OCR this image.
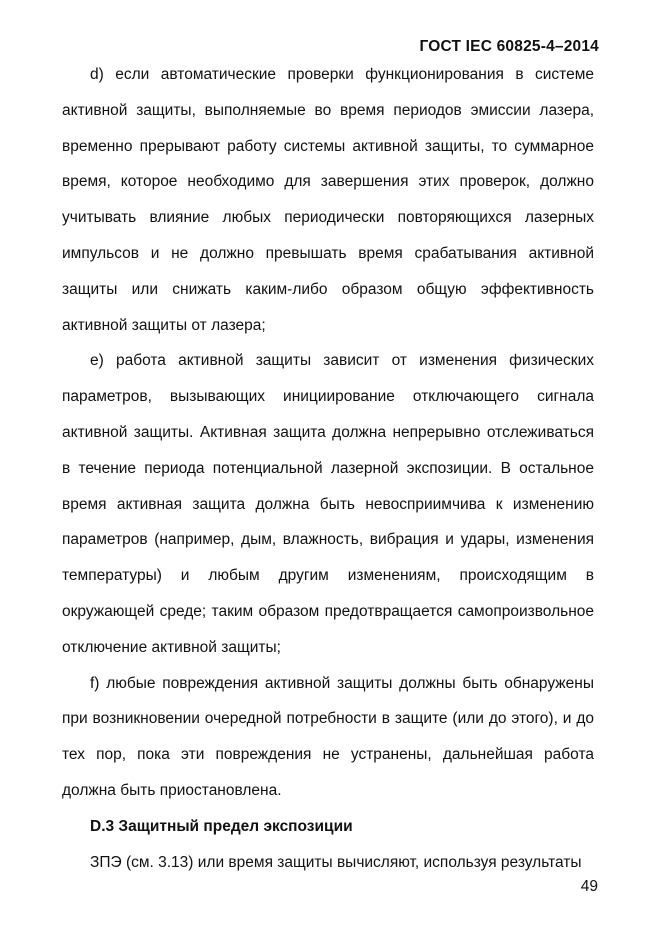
ГОСТ IEC 60825-4–2014

d) если автоматические проверки функционирования в системе активной защиты, выполняемые во время периодов эмиссии лазера, временно прерывают работу системы активной защиты, то суммарное время, которое необходимо для завершения этих проверок, должно учитывать влияние любых периодически повторяющихся лазерных импульсов и не должно превышать время срабатывания активной защиты или снижать каким-либо образом общую эффективность активной защиты от лазера;

e) работа активной защиты зависит от изменения физических параметров, вызывающих инициирование отключающего сигнала активной защиты. Активная защита должна непрерывно отслеживаться в течение периода потенциальной лазерной экспозиции. В остальное время активная защита должна быть невосприимчива к изменению параметров (например, дым, влажность, вибрация и удары, изменения температуры) и любым другим изменениям, происходящим в окружающей среде; таким образом предотвращается самопроизвольное отключение активной защиты;

f) любые повреждения активной защиты должны быть обнаружены при возникновении очередной потребности в защите (или до этого), и до тех пор, пока эти повреждения не устранены, дальнейшая работа должна быть приостановлена.

D.3 Защитный предел экспозиции

ЗПЭ (см. 3.13) или время защиты вычисляют, используя результаты

49
